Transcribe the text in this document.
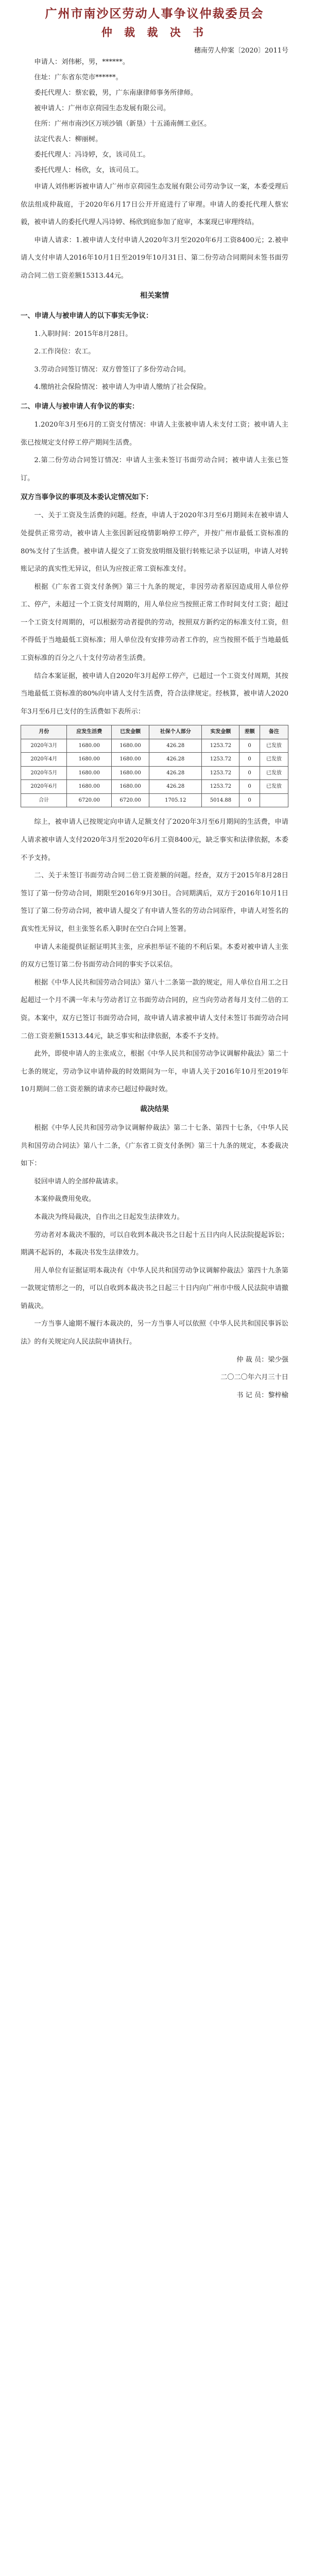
广州市南沙区劳动人事争议仲裁委员会
仲 裁 裁 决 书
穗南劳人仲案〔2020〕2011号

申请人：刘伟彬，男，******。

住址：广东省东莞市******。

委托代理人：蔡宏毅，男，广东南康律师事务所律师。

被申请人：广州市京荷园生态发展有限公司。

住所：广州市南沙区万顷沙镇（新垦）十五涌南侧工业区。

法定代表人：柳丽树。

委托代理人：冯诗婷，女，该司员工。

委托代理人：杨欣，女，该司员工。

申请人刘伟彬诉被申请人广州市京荷园生态发展有限公司劳动争议一案，本委受理后依法组成仲裁庭，于2020年6月17日公开开庭进行了审理。申请人的委托代理人蔡宏毅，被申请人的委托代理人冯诗婷、杨欣到庭参加了庭审，本案现已审理终结。

申请人请求：1.被申请人支付申请人2020年3月至2020年6月工资8400元；2.被申请人支付申请人2016年10月1日至2019年10月31日、第二份劳动合同期间未签书面劳动合同二倍工资差额15313.44元。

相关案情
一、申请人与被申请人的以下事实无争议：

1.入职时间：2015年8月28日。

2.工作岗位：农工。

3.劳动合同签订情况：双方曾签订了多份劳动合同。

4.缴纳社会保险情况：被申请人为申请人缴纳了社会保险。

二、申请人与被申请人有争议的事实：

1.2020年3月至6月的工资支付情况：申请人主张被申请人未支付工资；被申请人主张已按规定支付停工停产期间生活费。

2.第二份劳动合同签订情况：申请人主张未签订书面劳动合同；被申请人主张已签订。

双方当事争议的事项及本委认定情况如下：

一、关于工资及生活费的问题。经查，申请人于2020年3月至6月期间未在被申请人处提供正常劳动，被申请人主张因新冠疫情影响停工停产，并按广州市最低工资标准的80%支付了生活费。被申请人提交了工资发放明细及银行转账记录予以证明，申请人对转账记录的真实性无异议，但认为应按正常工资标准支付。

根据《广东省工资支付条例》第三十九条的规定，非因劳动者原因造成用人单位停工、停产，未超过一个工资支付周期的，用人单位应当按照正常工作时间支付工资；超过一个工资支付周期的，可以根据劳动者提供的劳动，按照双方新约定的标准支付工资，但不得低于当地最低工资标准；用人单位没有安排劳动者工作的，应当按照不低于当地最低工资标准的百分之八十支付劳动者生活费。

结合本案证据，被申请人自2020年3月起停工停产，已超过一个工资支付周期，其按当地最低工资标准的80%向申请人支付生活费，符合法律规定。经核算，被申请人2020年3月至6月已支付的生活费如下表所示：

月份	应发生活费	已发金额	社保个人部分	实发金额	差额	备注
2020年3月	1680.00	1680.00	426.28	1253.72	0	已发放
2020年4月	1680.00	1680.00	426.28	1253.72	0	已发放
2020年5月	1680.00	1680.00	426.28	1253.72	0	已发放
2020年6月	1680.00	1680.00	426.28	1253.72	0	已发放
合计	6720.00	6720.00	1705.12	5014.88	0	

综上，被申请人已按规定向申请人足额支付了2020年3月至6月期间的生活费，申请人请求被申请人支付2020年3月至2020年6月工资8400元，缺乏事实和法律依据，本委不予支持。

二、关于未签订书面劳动合同二倍工资差额的问题。经查，双方于2015年8月28日签订了第一份劳动合同，期限至2016年9月30日。合同期满后，双方于2016年10月1日签订了第二份劳动合同，被申请人提交了有申请人签名的劳动合同原件，申请人对签名的真实性无异议，但主张签名系入职时在空白合同上签署。

申请人未能提供证据证明其主张，应承担举证不能的不利后果。本委对被申请人主张的双方已签订第二份书面劳动合同的事实予以采信。

根据《中华人民共和国劳动合同法》第八十二条第一款的规定，用人单位自用工之日起超过一个月不满一年未与劳动者订立书面劳动合同的，应当向劳动者每月支付二倍的工资。本案中，双方已签订书面劳动合同，故申请人请求被申请人支付未签订书面劳动合同二倍工资差额15313.44元，缺乏事实和法律依据，本委不予支持。

此外，即使申请人的主张成立，根据《中华人民共和国劳动争议调解仲裁法》第二十七条的规定，劳动争议申请仲裁的时效期间为一年，申请人关于2016年10月至2019年10月期间二倍工资差额的请求亦已超过仲裁时效。

裁决结果

根据《中华人民共和国劳动争议调解仲裁法》第二十七条、第四十七条，《中华人民共和国劳动合同法》第八十二条，《广东省工资支付条例》第三十九条的规定，本委裁决如下：

驳回申请人的全部仲裁请求。

本案仲裁费用免收。

本裁决为终局裁决，自作出之日起发生法律效力。

劳动者对本裁决不服的，可以自收到本裁决书之日起十五日内向人民法院提起诉讼；期满不起诉的，本裁决书发生法律效力。

用人单位有证据证明本裁决有《中华人民共和国劳动争议调解仲裁法》第四十九条第一款规定情形之一的，可以自收到本裁决书之日起三十日内向广州市中级人民法院申请撤销裁决。

一方当事人逾期不履行本裁决的，另一方当事人可以依照《中华人民共和国民事诉讼法》的有关规定向人民法院申请执行。

仲 裁 员：梁少强
二〇二〇年六月三十日
书 记 员：黎梓榆
